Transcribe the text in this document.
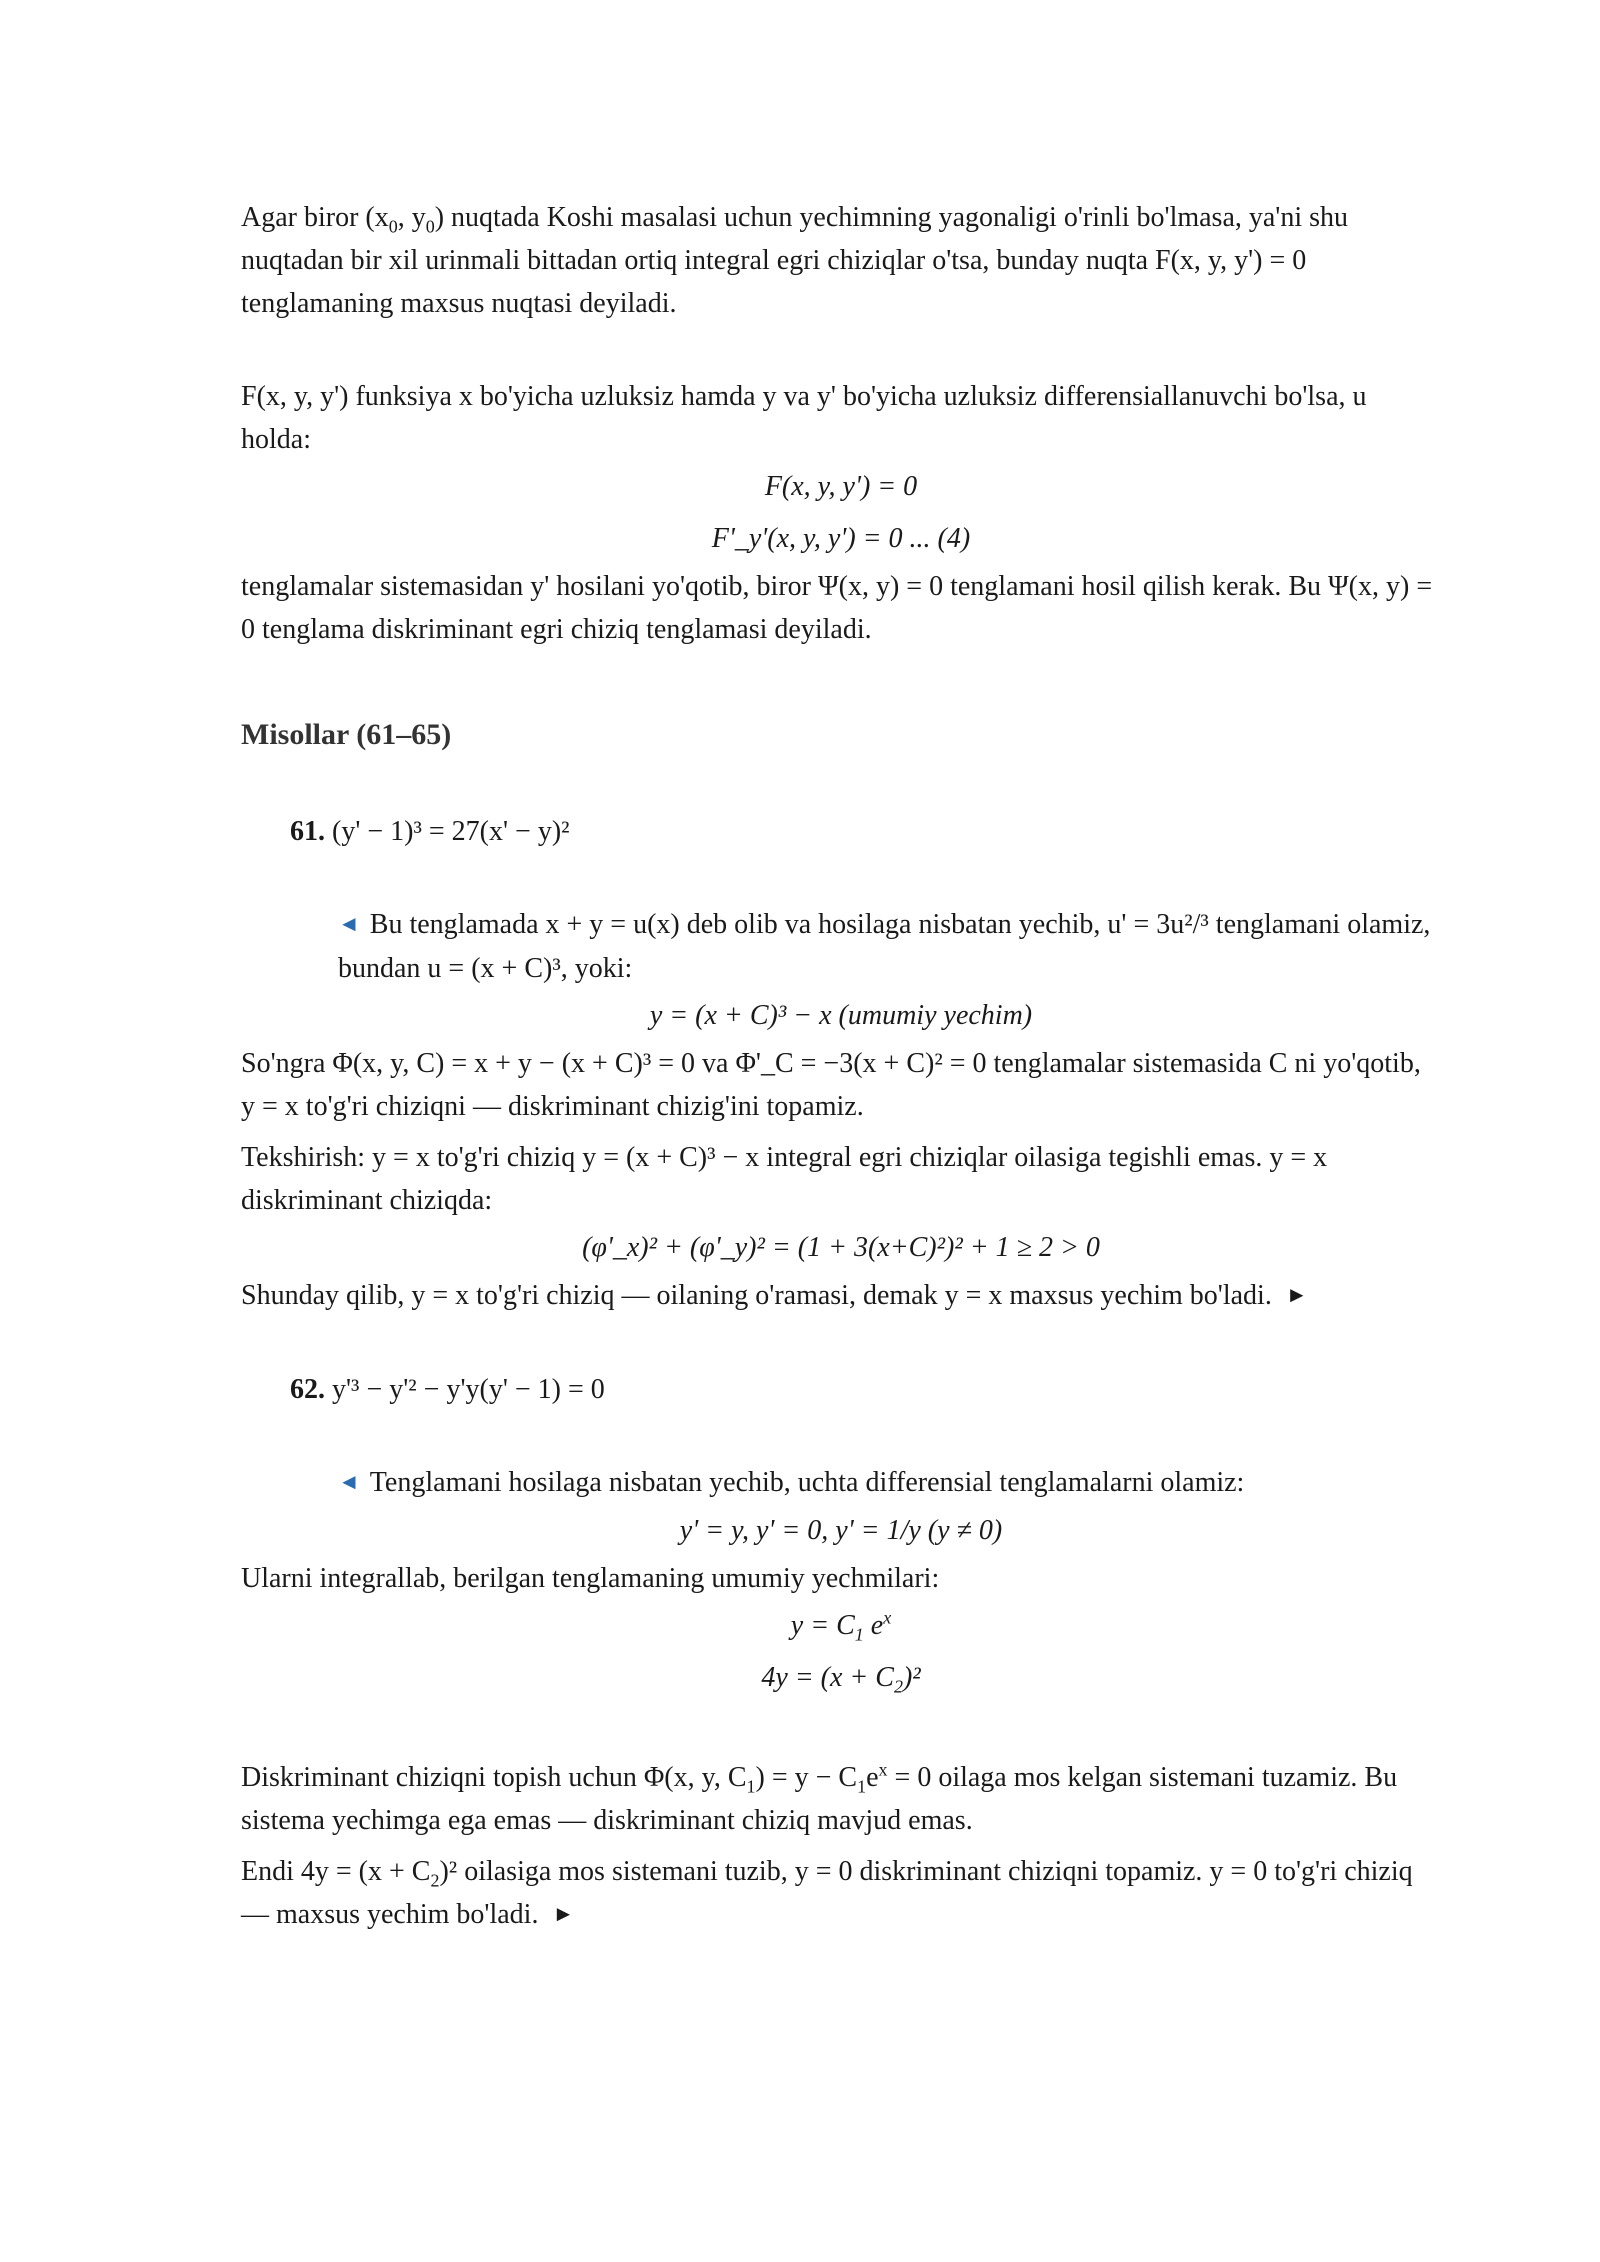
Agar biror ($x_0$, $y_0$) nuqtada Koshi masalasi uchun yechimning yagonaligi o'rinli bo'lmasa, ya'ni shu nuqtadan bir xil urinmali bittadan ortiq integral egri chiziqlar o'tsa, bunday nuqta F(x, y, y') = 0 tenglamaning maxsus nuqtasi deyiladi.

F(x, y, y') funksiya x bo'yicha uzluksiz hamda y va y' bo'yicha uzluksiz differensiallanuvchi bo'lsa, u holda:

F(x, y, y') = 0

F'_y'(x, y, y') = 0 ... (4)

tenglamalar sistemasidan y' hosilani yo'qotib, biror Ψ(x, y) = 0 tenglamani hosil qilish kerak. Bu Ψ(x, y) = 0 tenglama diskriminant egri chiziq tenglamasi deyiladi.

Misollar (61–65)

61. (y' − 1)³ = 27(x' − y)²

◄ Bu tenglamada x + y = u(x) deb olib va hosilaga nisbatan yechib, u' = 3u²/³ tenglamani olamiz, bundan u = (x + C)³, yoki:

y = (x + C)³ − x (umumiy yechim)

So'ngra Φ(x, y, C) = x + y − (x + C)³ = 0 va Φ'_C = −3(x + C)² = 0 tenglamalar sistemasida C ni yo'qotib, y = x to'g'ri chiziqni — diskriminant chizig'ini topamiz.

Tekshirish: y = x to'g'ri chiziq y = (x + C)³ − x integral egri chiziqlar oilasiga tegishli emas. y = x diskriminant chiziqda:

(φ'_x)² + (φ'_y)² = (1 + 3(x+C)²)² + 1 ≥ 2 > 0

Shunday qilib, y = x to'g'ri chiziq — oilaning o'ramasi, demak y = x maxsus yechim bo'ladi. ►

62. y'³ − y'² − y'y(y' − 1) = 0

◄ Tenglamani hosilaga nisbatan yechib, uchta differensial tenglamalarni olamiz:

y' = y, y' = 0, y' = 1/y (y ≠ 0)

Ularni integrallab, berilgan tenglamaning umumiy yechmilari:

$y = C_1$ $e^x$

$4y = (x + C_2)^2$

Diskriminant chiziqni topish uchun Φ(x, y, $C_1) = y - C_1e^x = 0$ oilaga mos kelgan sistemani tuzamiz. Bu sistema yechimga ega emas — diskriminant chiziq mavjud emas.

Endi $4y = (x + C_2)^2$ oilasiga mos sistemani tuzib, y = 0 diskriminant chiziqni topamiz. y = 0 to'g'ri chiziq — maxsus yechim bo'ladi. ►
